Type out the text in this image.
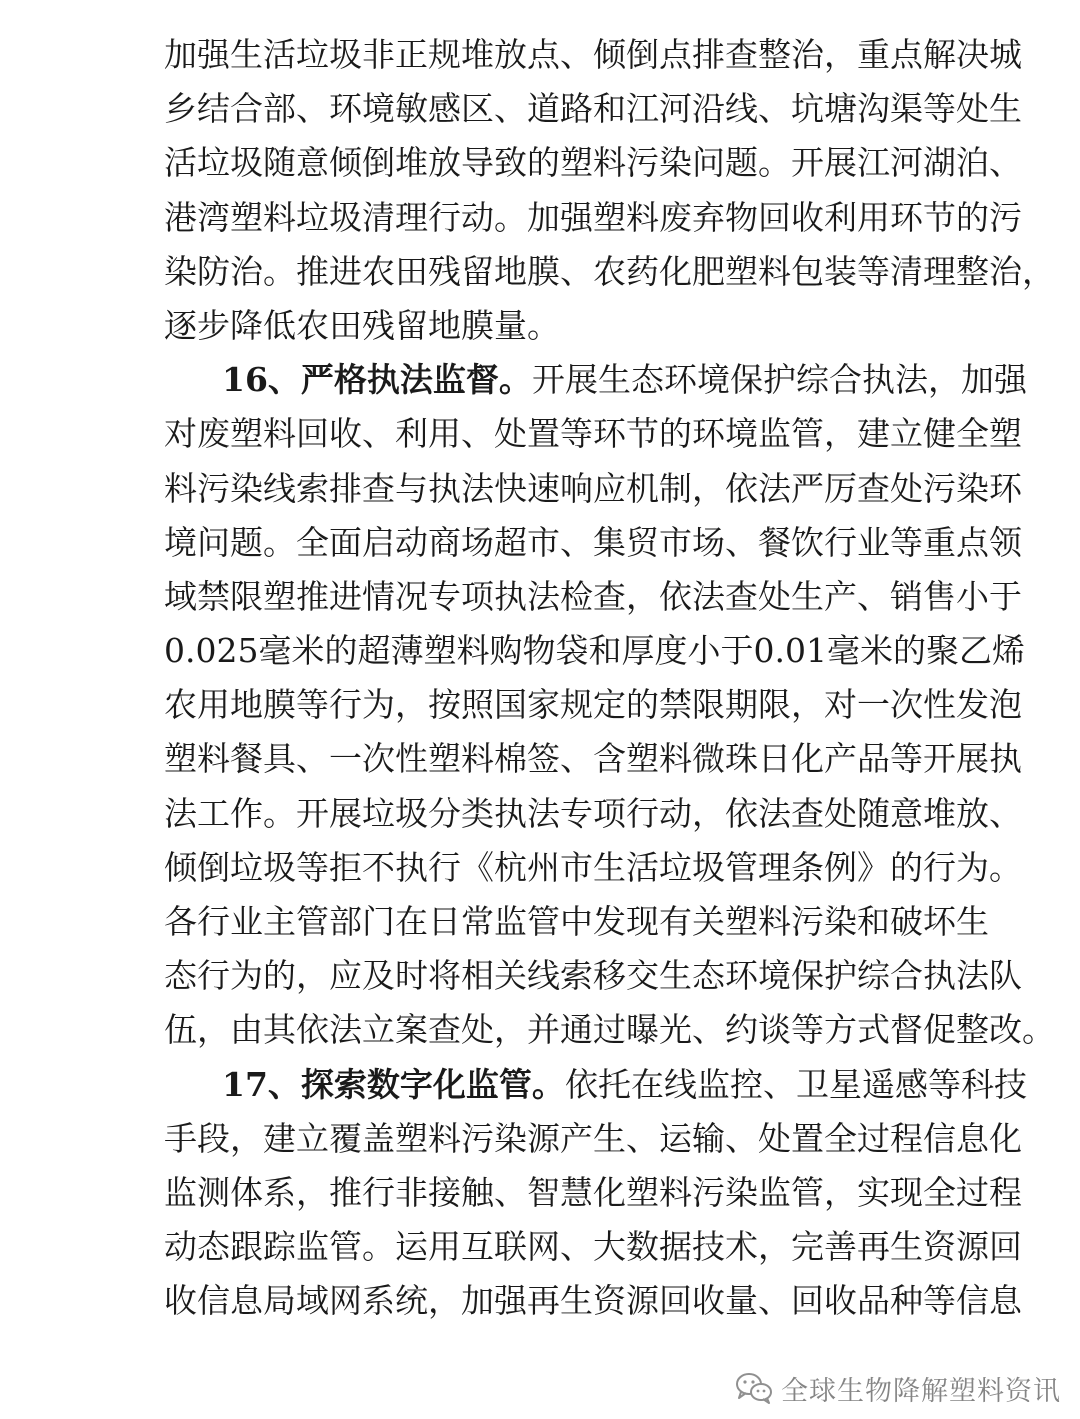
加强生活垃圾非正规堆放点、倾倒点排查整治，重点解决城
乡结合部、环境敏感区、道路和江河沿线、坑塘沟渠等处生
活垃圾随意倾倒堆放导致的塑料污染问题。开展江河湖泊、
港湾塑料垃圾清理行动。加强塑料废弃物回收利用环节的污
染防治。推进农田残留地膜、农药化肥塑料包装等清理整治，
逐步降低农田残留地膜量。
16、严格执法监督。开展生态环境保护综合执法，加强
对废塑料回收、利用、处置等环节的环境监管，建立健全塑
料污染线索排查与执法快速响应机制，依法严厉查处污染环
境问题。全面启动商场超市、集贸市场、餐饮行业等重点领
域禁限塑推进情况专项执法检查，依法查处生产、销售小于
0.025毫米的超薄塑料购物袋和厚度小于0.01毫米的聚乙烯
农用地膜等行为，按照国家规定的禁限期限，对一次性发泡
塑料餐具、一次性塑料棉签、含塑料微珠日化产品等开展执
法工作。开展垃圾分类执法专项行动，依法查处随意堆放、
倾倒垃圾等拒不执行《杭州市生活垃圾管理条例》的行为。
各行业主管部门在日常监管中发现有关塑料污染和破坏生
态行为的，应及时将相关线索移交生态环境保护综合执法队
伍，由其依法立案查处，并通过曝光、约谈等方式督促整改。
17、探索数字化监管。依托在线监控、卫星遥感等科技
手段，建立覆盖塑料污染源产生、运输、处置全过程信息化
监测体系，推行非接触、智慧化塑料污染监管，实现全过程
动态跟踪监管。运用互联网、大数据技术，完善再生资源回
收信息局域网系统，加强再生资源回收量、回收品种等信息
全球生物降解塑料资讯
